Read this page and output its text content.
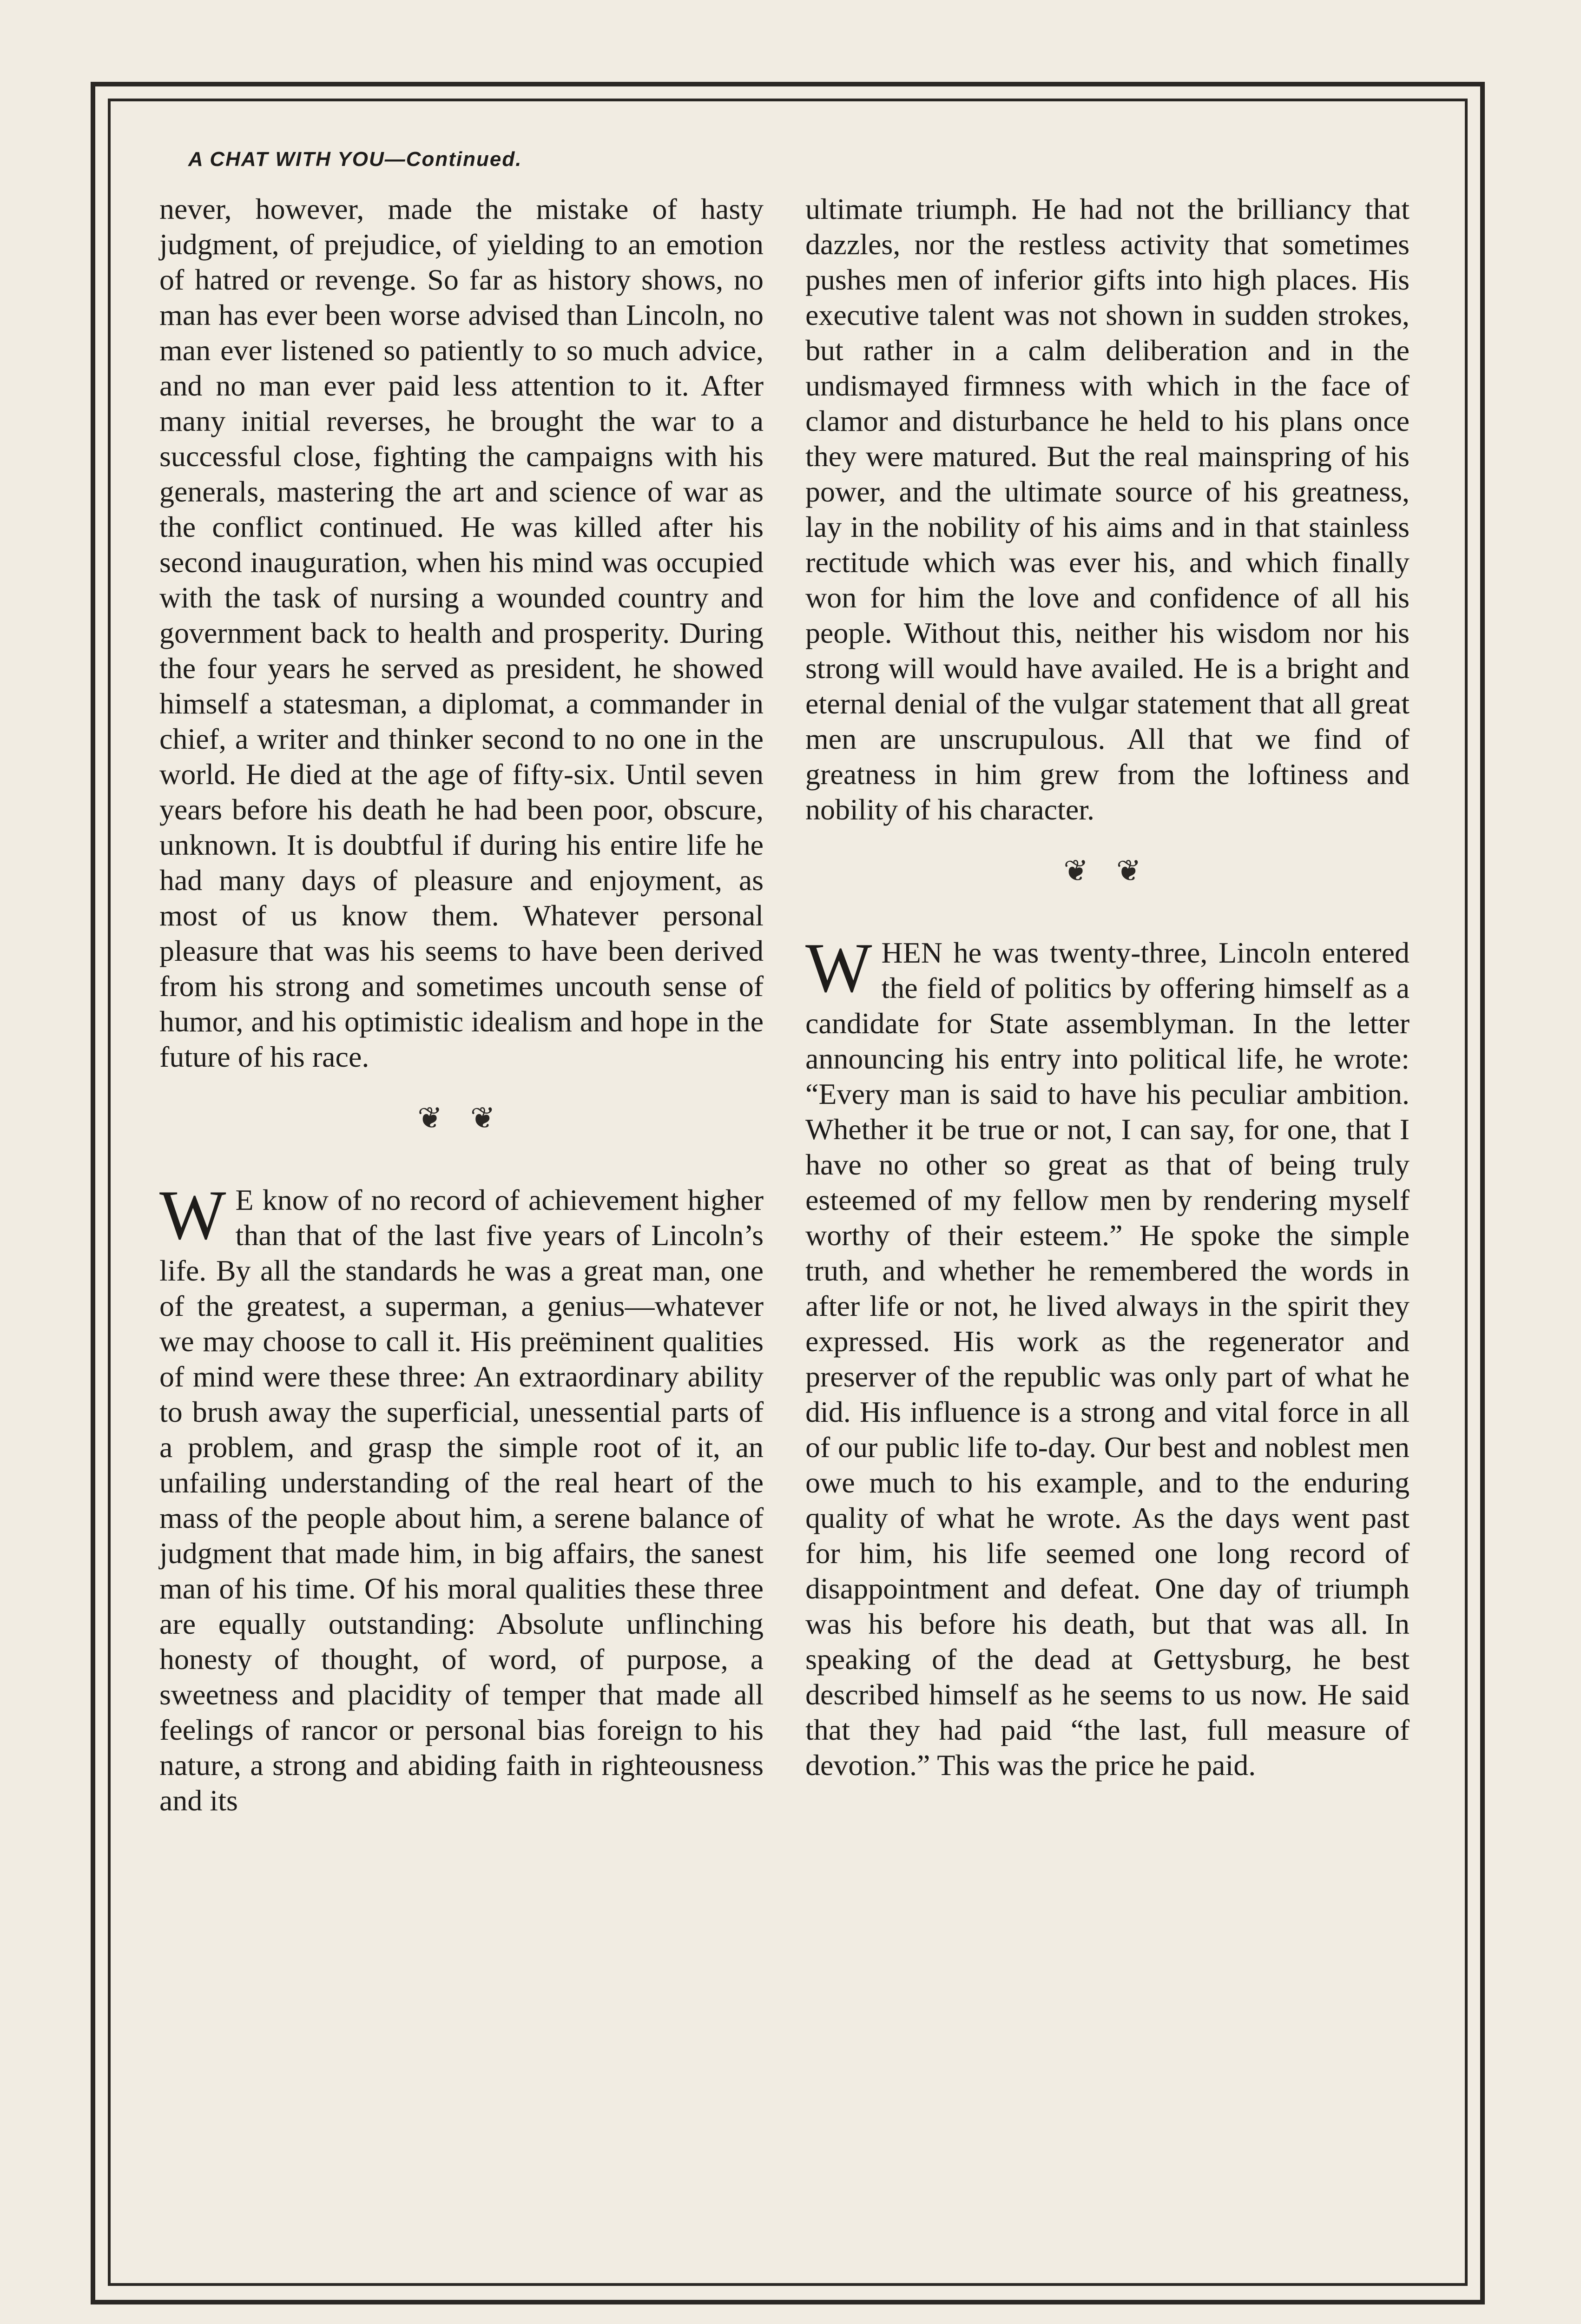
A CHAT WITH YOU—Continued.

never, however, made the mistake of hasty judgment, of prejudice, of yielding to an emotion of hatred or revenge. So far as history shows, no man has ever been worse advised than Lincoln, no man ever listened so patiently to so much advice, and no man ever paid less attention to it. After many initial reverses, he brought the war to a successful close, fighting the campaigns with his generals, mastering the art and science of war as the conflict continued. He was killed after his second inauguration, when his mind was occupied with the task of nursing a wounded country and government back to health and prosperity. During the four years he served as president, he showed himself a statesman, a diplomat, a commander in chief, a writer and thinker second to no one in the world. He died at the age of fifty-six. Until seven years before his death he had been poor, obscure, unknown. It is doubtful if during his entire life he had many days of pleasure and enjoyment, as most of us know them. Whatever personal pleasure that was his seems to have been derived from his strong and sometimes uncouth sense of humor, and his optimistic idealism and hope in the future of his race.

❦ ❦

WE know of no record of achievement higher than that of the last five years of Lincoln’s life. By all the standards he was a great man, one of the greatest, a superman, a genius—whatever we may choose to call it. His preëminent qualities of mind were these three: An extraordinary ability to brush away the superficial, unessential parts of a problem, and grasp the simple root of it, an unfailing understanding of the real heart of the mass of the people about him, a serene balance of judgment that made him, in big affairs, the sanest man of his time. Of his moral qualities these three are equally outstanding: Absolute unflinching honesty of thought, of word, of purpose, a sweetness and placidity of temper that made all feelings of rancor or personal bias foreign to his nature, a strong and abiding faith in righteousness and its

ultimate triumph. He had not the brilliancy that dazzles, nor the restless activity that sometimes pushes men of inferior gifts into high places. His executive talent was not shown in sudden strokes, but rather in a calm deliberation and in the undismayed firmness with which in the face of clamor and disturbance he held to his plans once they were matured. But the real mainspring of his power, and the ultimate source of his greatness, lay in the nobility of his aims and in that stainless rectitude which was ever his, and which finally won for him the love and confidence of all his people. Without this, neither his wisdom nor his strong will would have availed. He is a bright and eternal denial of the vulgar statement that all great men are unscrupulous. All that we find of greatness in him grew from the loftiness and nobility of his character.

❦ ❦

WHEN he was twenty-three, Lincoln entered the field of politics by offering himself as a candidate for State assemblyman. In the letter announcing his entry into political life, he wrote: “Every man is said to have his peculiar ambition. Whether it be true or not, I can say, for one, that I have no other so great as that of being truly esteemed of my fellow men by rendering myself worthy of their esteem.” He spoke the simple truth, and whether he remembered the words in after life or not, he lived always in the spirit they expressed. His work as the regenerator and preserver of the republic was only part of what he did. His influence is a strong and vital force in all of our public life to-day. Our best and noblest men owe much to his example, and to the enduring quality of what he wrote. As the days went past for him, his life seemed one long record of disappointment and defeat. One day of triumph was his before his death, but that was all. In speaking of the dead at Gettysburg, he best described himself as he seems to us now. He said that they had paid “the last, full measure of devotion.” This was the price he paid.
